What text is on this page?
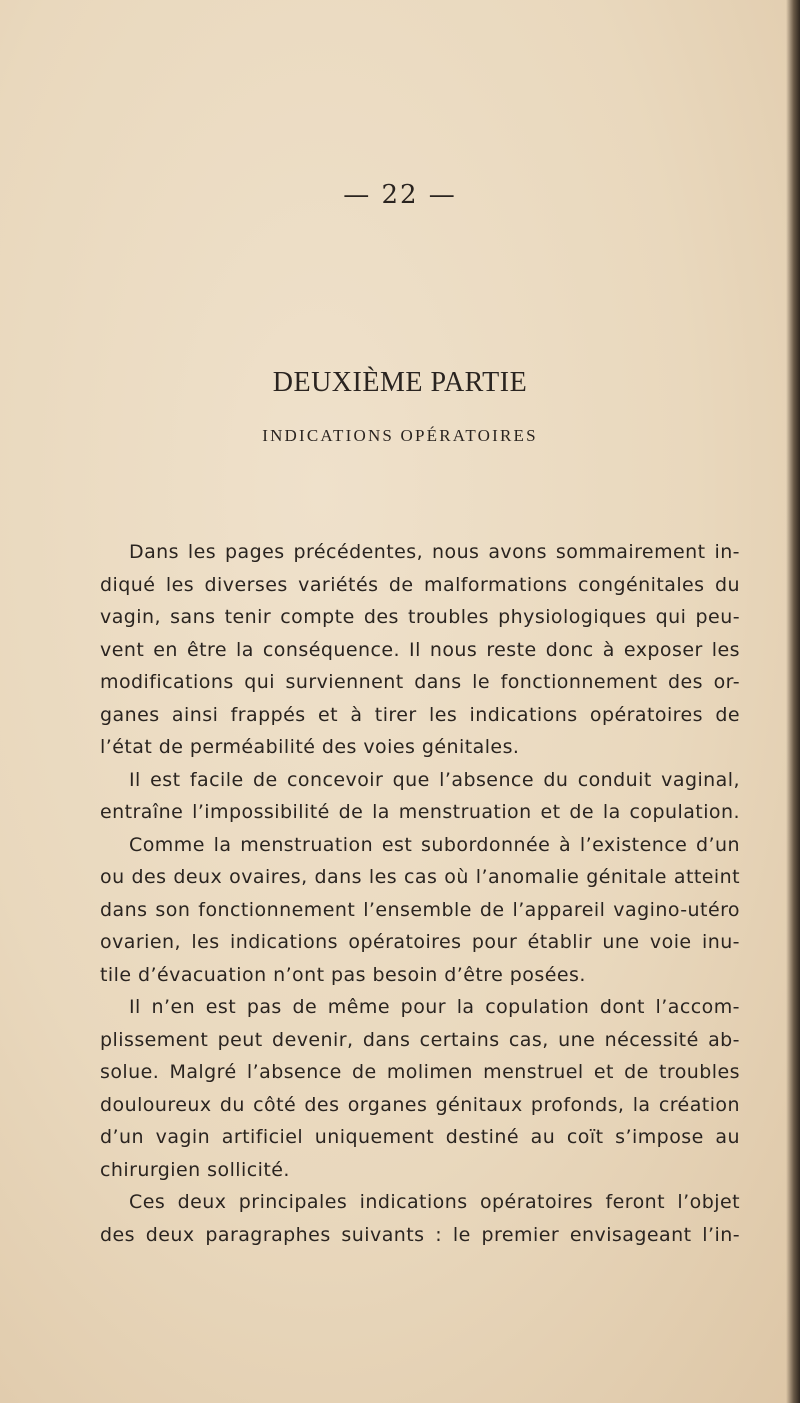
— 22 —
DEUXIÈME PARTIE
INDICATIONS OPÉRATOIRES
Dans les pages précédentes, nous avons sommairement in-
diqué les diverses variétés de malformations congénitales du
vagin, sans tenir compte des troubles physiologiques qui peu-
vent en être la conséquence. Il nous reste donc à exposer les
modifications qui surviennent dans le fonctionnement des or-
ganes ainsi frappés et à tirer les indications opératoires de
l’état de perméabilité des voies génitales.
Il est facile de concevoir que l’absence du conduit vaginal,
entraîne l’impossibilité de la menstruation et de la copulation.
Comme la menstruation est subordonnée à l’existence d’un
ou des deux ovaires, dans les cas où l’anomalie génitale atteint
dans son fonctionnement l’ensemble de l’appareil vagino-utéro
ovarien, les indications opératoires pour établir une voie inu-
tile d’évacuation n’ont pas besoin d’être posées.
Il n’en est pas de même pour la copulation dont l’accom-
plissement peut devenir, dans certains cas, une nécessité ab-
solue. Malgré l’absence de molimen menstruel et de troubles
douloureux du côté des organes génitaux profonds, la création
d’un vagin artificiel uniquement destiné au coït s’impose au
chirurgien sollicité.
Ces deux principales indications opératoires feront l’objet
des deux paragraphes suivants : le premier envisageant l’in-
